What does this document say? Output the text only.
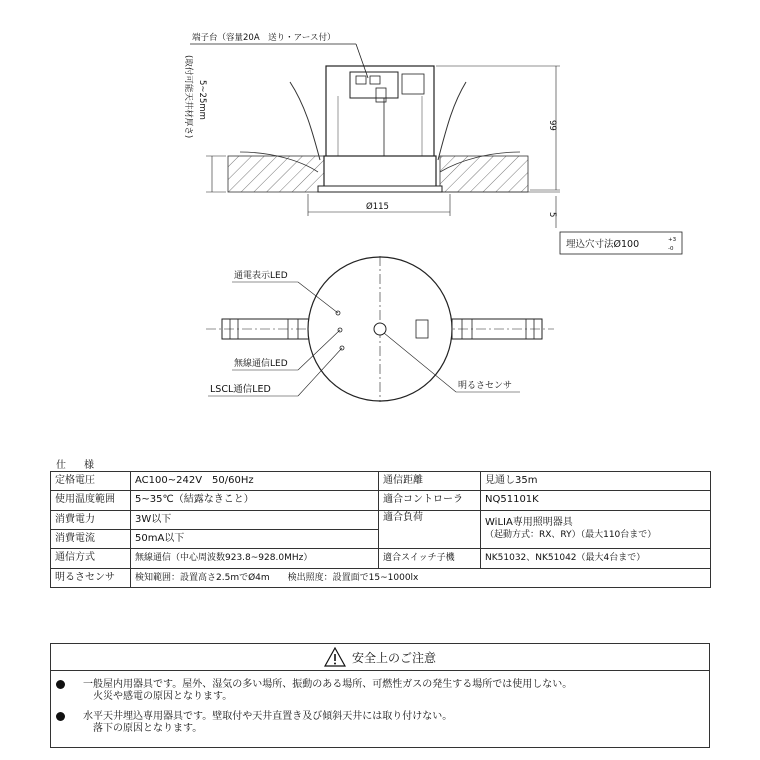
端子台（容量20A　送り・アース付）
(取付可能天井材厚さ) 5~25mm
99
5
Ø115
埋込穴寸法Ø100	+3
-0
通電表示LED
無線通信LED
LSCL通信LED	明るさセンサ
仕　様
定格電圧	AC100~242V　50/60Hz	通信距離	見通し35m
使用温度範囲	5~35℃（結露なきこと）	適合コントローラ	NQ51101K
消費電力	3W以下	適合負荷	WiLIA専用照明器具
（起動方式：RX、RY）（最大110台まで）

消費電流	50mA以下		
通信方式	無線通信（中心周波数923.8~928.0MHz）	適合スイッチ子機	NK51032、NK51042（最大4台まで）
明るさセンサ	検知範囲：設置高さ2.5mでØ4m　　検出照度：設置面で15~1000lx		
安全上のご注意
一般屋内用器具です。屋外、湿気の多い場所、振動のある場所、可燃性ガスの発生する場所では使用しない。
火災や感電の原因となります。
水平天井埋込専用器具です。壁取付や天井直置き及び傾斜天井には取り付けない。
落下の原因となります。
